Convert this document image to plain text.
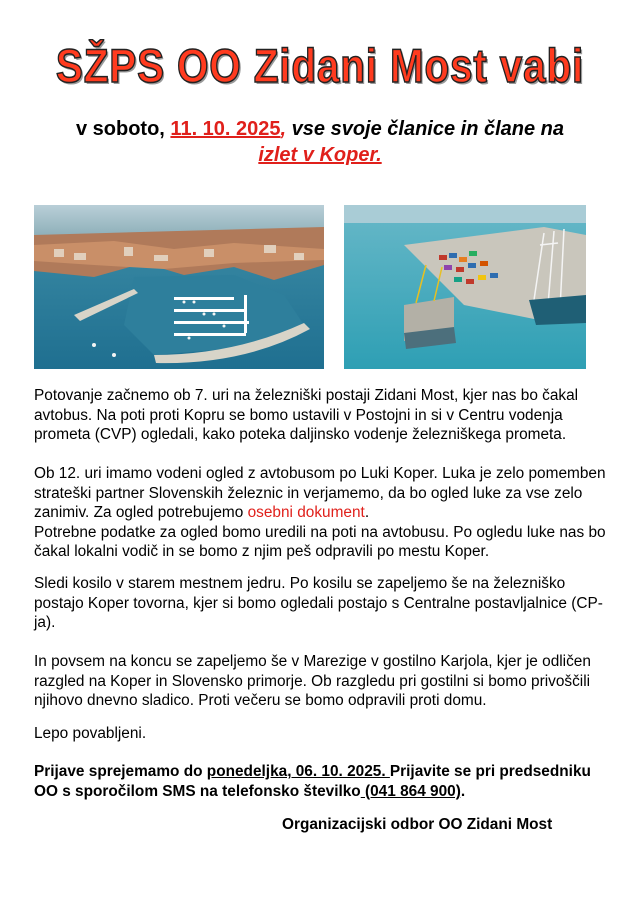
SŽPS OO Zidani Most vabi
v soboto, 11. 10. 2025, vse svoje članice in člane na
izlet v Koper.

Potovanje začnemo ob 7. uri na železniški postaji Zidani Most, kjer nas bo čakal avtobus. Na poti proti Kopru se bomo ustavili v Postojni in si v Centru vodenja prometa (CVP) ogledali, kako poteka daljinsko vodenje železniškega prometa.

Ob 12. uri imamo vodeni ogled z avtobusom po Luki Koper. Luka je zelo pomemben strateški partner Slovenskih železnic in verjamemo, da bo ogled luke za vse zelo zanimiv. Za ogled potrebujemo osebni dokument.
Potrebne podatke za ogled bomo uredili na poti na avtobusu. Po ogledu luke nas bo čakal lokalni vodič in se bomo z njim peš odpravili po mestu Koper.

Sledi kosilo v starem mestnem jedru. Po kosilu se zapeljemo še na železniško postajo Koper tovorna, kjer si bomo ogledali postajo s Centralne postavljalnice (CP-ja).

In povsem na koncu se zapeljemo še v Marezige v gostilno Karjola, kjer je odličen razgled na Koper in Slovensko primorje. Ob razgledu pri gostilni si bomo privoščili njihovo dnevno sladico. Proti večeru se bomo odpravili proti domu.

Lepo povabljeni.

Prijave sprejemamo do ponedeljka, 06. 10. 2025. Prijavite se pri predsedniku OO s sporočilom SMS na telefonsko številko (041 864 900).
Organizacijski odbor OO Zidani Most
